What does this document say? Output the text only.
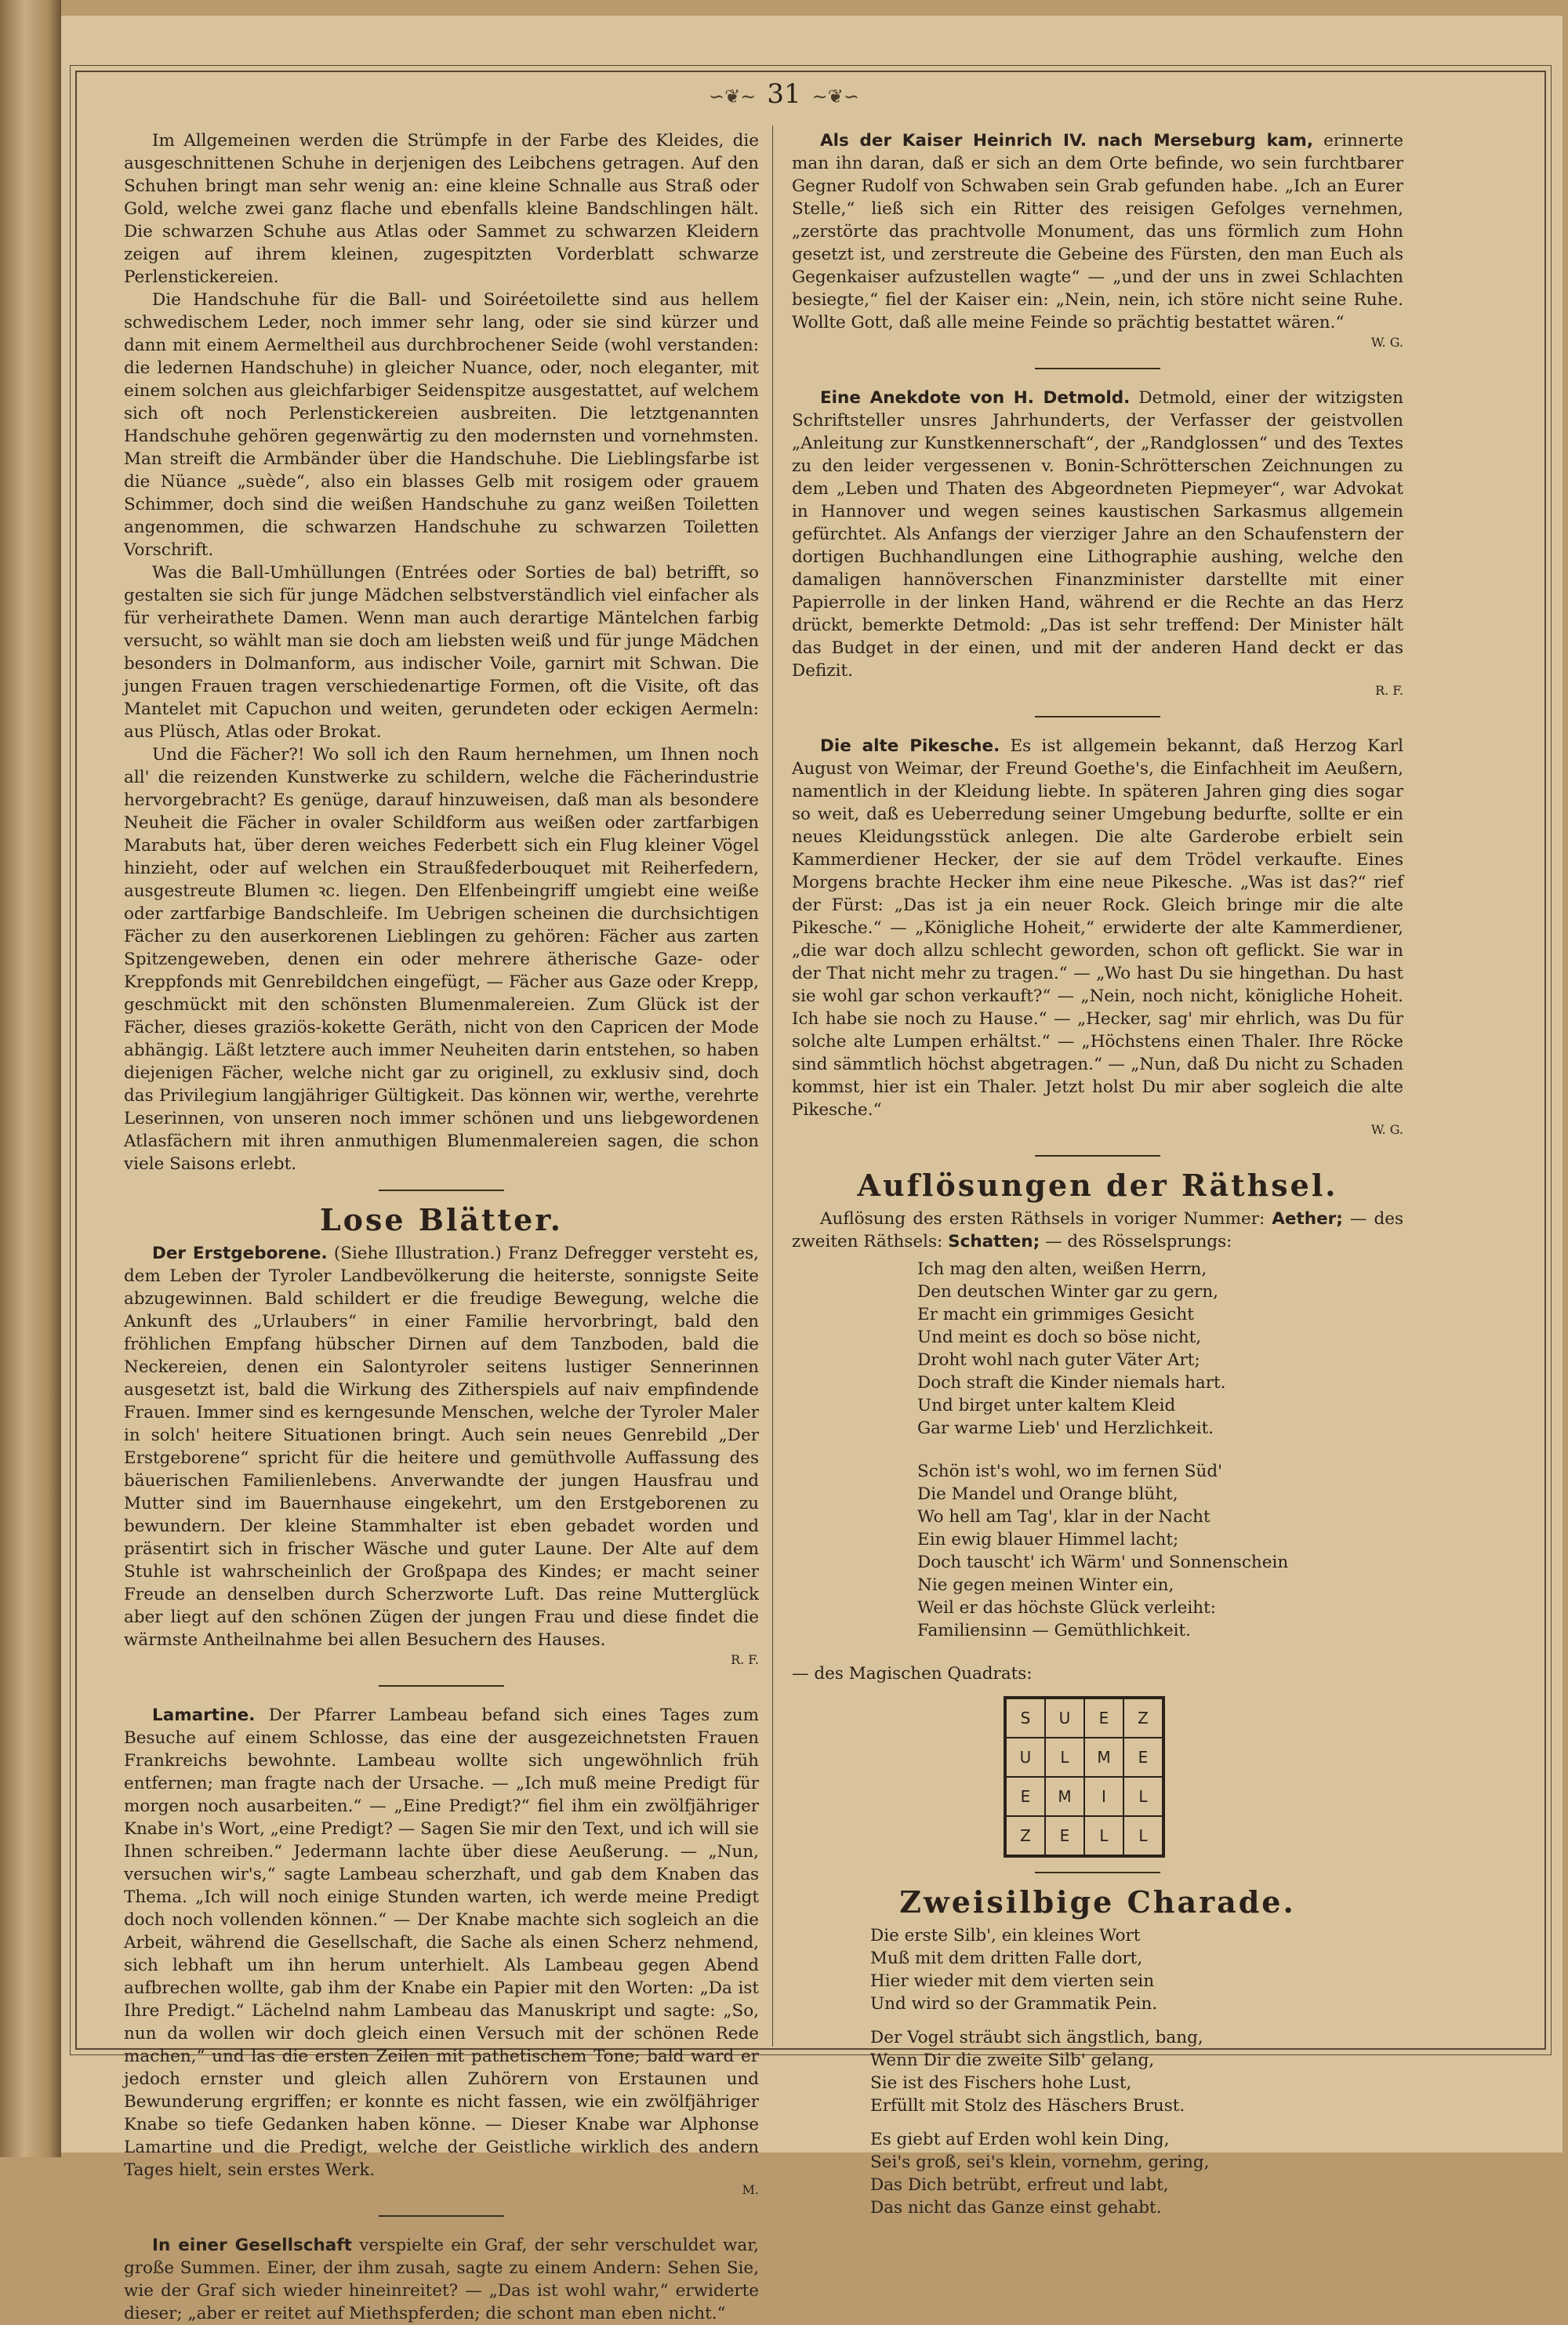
∽❦∼ 31 ∼❦∽

Im Allgemeinen werden die Strümpfe in der Farbe des Kleides, die ausgeschnittenen Schuhe in derjenigen des Leibchens getragen. Auf den Schuhen bringt man sehr wenig an: eine kleine Schnalle aus Straß oder Gold, welche zwei ganz flache und ebenfalls kleine Bandschlingen hält. Die schwarzen Schuhe aus Atlas oder Sammet zu schwarzen Kleidern zeigen auf ihrem kleinen, zugespitzten Vorderblatt schwarze Perlenstickereien.

Die Handschuhe für die Ball- und Soiréetoilette sind aus hellem schwedischem Leder, noch immer sehr lang, oder sie sind kürzer und dann mit einem Aermeltheil aus durchbrochener Seide (wohl verstanden: die ledernen Handschuhe) in gleicher Nuance, oder, noch eleganter, mit einem solchen aus gleichfarbiger Seidenspitze ausgestattet, auf welchem sich oft noch Perlenstickereien ausbreiten. Die letztgenannten Handschuhe gehören gegenwärtig zu den modernsten und vornehmsten. Man streift die Armbänder über die Handschuhe. Die Lieblingsfarbe ist die Nüance „suède“, also ein blasses Gelb mit rosigem oder grauem Schimmer, doch sind die weißen Handschuhe zu ganz weißen Toiletten angenommen, die schwarzen Handschuhe zu schwarzen Toiletten Vorschrift.

Was die Ball-Umhüllungen (Entrées oder Sorties de bal) betrifft, so gestalten sie sich für junge Mädchen selbstverständlich viel einfacher als für verheirathete Damen. Wenn man auch derartige Mäntelchen farbig versucht, so wählt man sie doch am liebsten weiß und für junge Mädchen besonders in Dolmanform, aus indischer Voile, garnirt mit Schwan. Die jungen Frauen tragen verschiedenartige Formen, oft die Visite, oft das Mantelet mit Capuchon und weiten, gerundeten oder eckigen Aermeln: aus Plüsch, Atlas oder Brokat.

Und die Fächer?! Wo soll ich den Raum hernehmen, um Ihnen noch all' die reizenden Kunstwerke zu schildern, welche die Fächerindustrie hervorgebracht? Es genüge, darauf hinzuweisen, daß man als besondere Neuheit die Fächer in ovaler Schildform aus weißen oder zartfarbigen Marabuts hat, über deren weiches Federbett sich ein Flug kleiner Vögel hinzieht, oder auf welchen ein Straußfederbouquet mit Reiherfedern, ausgestreute Blumen ꝛc. liegen. Den Elfenbeingriff umgiebt eine weiße oder zartfarbige Bandschleife. Im Uebrigen scheinen die durchsichtigen Fächer zu den auserkorenen Lieblingen zu gehören: Fächer aus zarten Spitzengeweben, denen ein oder mehrere ätherische Gaze- oder Kreppfonds mit Genrebildchen eingefügt, — Fächer aus Gaze oder Krepp, geschmückt mit den schönsten Blumenmalereien. Zum Glück ist der Fächer, dieses graziös-kokette Geräth, nicht von den Capricen der Mode abhängig. Läßt letztere auch immer Neuheiten darin entstehen, so haben diejenigen Fächer, welche nicht gar zu originell, zu exklusiv sind, doch das Privilegium langjähriger Gültigkeit. Das können wir, werthe, verehrte Leserinnen, von unseren noch immer schönen und uns liebgewordenen Atlasfächern mit ihren anmuthigen Blumenmalereien sagen, die schon viele Saisons erlebt.

Lose Blätter.

Der Erstgeborene. (Siehe Illustration.) Franz Defregger versteht es, dem Leben der Tyroler Landbevölkerung die heiterste, sonnigste Seite abzugewinnen. Bald schildert er die freudige Bewegung, welche die Ankunft des „Urlaubers“ in einer Familie hervorbringt, bald den fröhlichen Empfang hübscher Dirnen auf dem Tanzboden, bald die Neckereien, denen ein Salontyroler seitens lustiger Sennerinnen ausgesetzt ist, bald die Wirkung des Zitherspiels auf naiv empfindende Frauen. Immer sind es kerngesunde Menschen, welche der Tyroler Maler in solch' heitere Situationen bringt. Auch sein neues Genrebild „Der Erstgeborene“ spricht für die heitere und gemüthvolle Auffassung des bäuerischen Familienlebens. Anverwandte der jungen Hausfrau und Mutter sind im Bauernhause eingekehrt, um den Erstgeborenen zu bewundern. Der kleine Stammhalter ist eben gebadet worden und präsentirt sich in frischer Wäsche und guter Laune. Der Alte auf dem Stuhle ist wahrscheinlich der Großpapa des Kindes; er macht seiner Freude an denselben durch Scherzworte Luft. Das reine Mutterglück aber liegt auf den schönen Zügen der jungen Frau und diese findet die wärmste Antheilnahme bei allen Besuchern des Hauses.

R. F.

Lamartine. Der Pfarrer Lambeau befand sich eines Tages zum Besuche auf einem Schlosse, das eine der ausgezeichnetsten Frauen Frankreichs bewohnte. Lambeau wollte sich ungewöhnlich früh entfernen; man fragte nach der Ursache. — „Ich muß meine Predigt für morgen noch ausarbeiten.“ — „Eine Predigt?“ fiel ihm ein zwölfjähriger Knabe in's Wort, „eine Predigt? — Sagen Sie mir den Text, und ich will sie Ihnen schreiben.“ Jedermann lachte über diese Aeußerung. — „Nun, versuchen wir's,“ sagte Lambeau scherzhaft, und gab dem Knaben das Thema. „Ich will noch einige Stunden warten, ich werde meine Predigt doch noch vollenden können.“ — Der Knabe machte sich sogleich an die Arbeit, während die Gesellschaft, die Sache als einen Scherz nehmend, sich lebhaft um ihn herum unterhielt. Als Lambeau gegen Abend aufbrechen wollte, gab ihm der Knabe ein Papier mit den Worten: „Da ist Ihre Predigt.“ Lächelnd nahm Lambeau das Manuskript und sagte: „So, nun da wollen wir doch gleich einen Versuch mit der schönen Rede machen,“ und las die ersten Zeilen mit pathetischem Tone; bald ward er jedoch ernster und gleich allen Zuhörern von Erstaunen und Bewunderung ergriffen; er konnte es nicht fassen, wie ein zwölfjähriger Knabe so tiefe Gedanken haben könne. — Dieser Knabe war Alphonse Lamartine und die Predigt, welche der Geistliche wirklich des andern Tages hielt, sein erstes Werk.

M.

In einer Gesellschaft verspielte ein Graf, der sehr verschuldet war, große Summen. Einer, der ihm zusah, sagte zu einem Andern: Sehen Sie, wie der Graf sich wieder hineinreitet? — „Das ist wohl wahr,“ erwiderte dieser; „aber er reitet auf Miethspferden; die schont man eben nicht.“

Als der Kaiser Heinrich IV. nach Merseburg kam, erinnerte man ihn daran, daß er sich an dem Orte befinde, wo sein furchtbarer Gegner Rudolf von Schwaben sein Grab gefunden habe. „Ich an Eurer Stelle,“ ließ sich ein Ritter des reisigen Gefolges vernehmen, „zerstörte das prachtvolle Monument, das uns förmlich zum Hohn gesetzt ist, und zerstreute die Gebeine des Fürsten, den man Euch als Gegenkaiser aufzustellen wagte“ — „und der uns in zwei Schlachten besiegte,“ fiel der Kaiser ein: „Nein, nein, ich störe nicht seine Ruhe. Wollte Gott, daß alle meine Feinde so prächtig bestattet wären.“

W. G.

Eine Anekdote von H. Detmold. Detmold, einer der witzigsten Schriftsteller unsres Jahrhunderts, der Verfasser der geistvollen „Anleitung zur Kunstkennerschaft“, der „Randglossen“ und des Textes zu den leider vergessenen v. Bonin-Schrötterschen Zeichnungen zu dem „Leben und Thaten des Abgeordneten Piepmeyer“, war Advokat in Hannover und wegen seines kaustischen Sarkasmus allgemein gefürchtet. Als Anfangs der vierziger Jahre an den Schaufenstern der dortigen Buchhandlungen eine Lithographie aushing, welche den damaligen hannöverschen Finanzminister darstellte mit einer Papierrolle in der linken Hand, während er die Rechte an das Herz drückt, bemerkte Detmold: „Das ist sehr treffend: Der Minister hält das Budget in der einen, und mit der anderen Hand deckt er das Defizit.

R. F.

Die alte Pikesche. Es ist allgemein bekannt, daß Herzog Karl August von Weimar, der Freund Goethe's, die Einfachheit im Aeußern, namentlich in der Kleidung liebte. In späteren Jahren ging dies sogar so weit, daß es Ueberredung seiner Umgebung bedurfte, sollte er ein neues Kleidungsstück anlegen. Die alte Garderobe erbielt sein Kammerdiener Hecker, der sie auf dem Trödel verkaufte. Eines Morgens brachte Hecker ihm eine neue Pikesche. „Was ist das?“ rief der Fürst: „Das ist ja ein neuer Rock. Gleich bringe mir die alte Pikesche.“ — „Königliche Hoheit,“ erwiderte der alte Kammerdiener, „die war doch allzu schlecht geworden, schon oft geflickt. Sie war in der That nicht mehr zu tragen.“ — „Wo hast Du sie hingethan. Du hast sie wohl gar schon verkauft?“ — „Nein, noch nicht, königliche Hoheit. Ich habe sie noch zu Hause.“ — „Hecker, sag' mir ehrlich, was Du für solche alte Lumpen erhältst.“ — „Höchstens einen Thaler. Ihre Röcke sind sämmtlich höchst abgetragen.“ — „Nun, daß Du nicht zu Schaden kommst, hier ist ein Thaler. Jetzt holst Du mir aber sogleich die alte Pikesche.“

W. G.
Auflösungen der Räthsel.

Auflösung des ersten Räthsels in voriger Nummer: Aether; — des zweiten Räthsels: Schatten; — des Rösselsprungs:

Ich mag den alten, weißen Herrn,
Den deutschen Winter gar zu gern,
Er macht ein grimmiges Gesicht
Und meint es doch so böse nicht,
Droht wohl nach guter Väter Art;
Doch straft die Kinder niemals hart.
Und birget unter kaltem Kleid
Gar warme Lieb' und Herzlichkeit.
Schön ist's wohl, wo im fernen Süd'
Die Mandel und Orange blüht,
Wo hell am Tag', klar in der Nacht
Ein ewig blauer Himmel lacht;
Doch tauscht' ich Wärm' und Sonnenschein
Nie gegen meinen Winter ein,
Weil er das höchste Glück verleiht:
Familiensinn — Gemüthlichkeit.

— des Magischen Quadrats:

S	U	E	Z
U	L	M	E
E	M	I	L
Z	E	L	L
Zweisilbige Charade.
Die erste Silb', ein kleines Wort
Muß mit dem dritten Falle dort,
Hier wieder mit dem vierten sein
Und wird so der Grammatik Pein.
Der Vogel sträubt sich ängstlich, bang,
Wenn Dir die zweite Silb' gelang,
Sie ist des Fischers hohe Lust,
Erfüllt mit Stolz des Häschers Brust.
Es giebt auf Erden wohl kein Ding,
Sei's groß, sei's klein, vornehm, gering,
Das Dich betrübt, erfreut und labt,
Das nicht das Ganze einst gehabt.
